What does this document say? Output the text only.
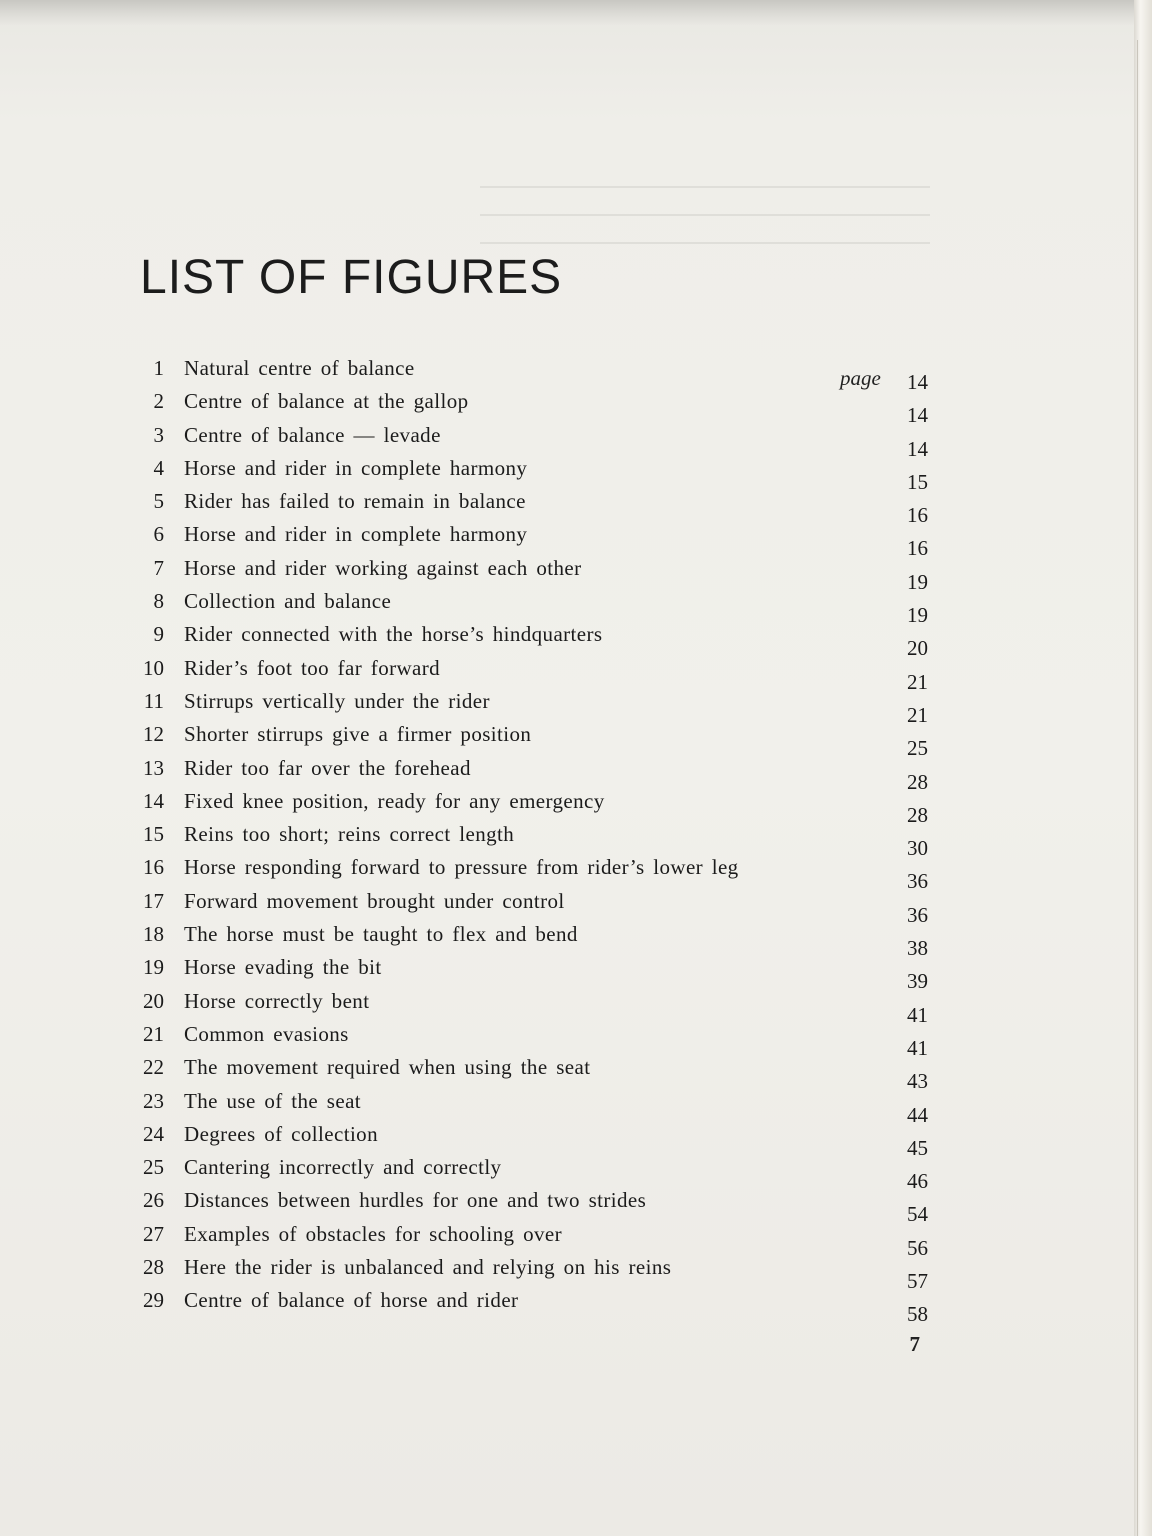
LIST OF FIGURES
page
1 Natural centre of balance
14
2 Centre of balance at the gallop
14
3 Centre of balance — levade
14
4 Horse and rider in complete harmony
15
5 Rider has failed to remain in balance
16
6 Horse and rider in complete harmony
16
7 Horse and rider working against each other
19
8 Collection and balance
19
9 Rider connected with the horse’s hindquarters
20
10 Rider’s foot too far forward
21
11 Stirrups vertically under the rider
21
12 Shorter stirrups give a firmer position
25
13 Rider too far over the forehead
28
14 Fixed knee position, ready for any emergency
28
15 Reins too short; reins correct length
30
16 Horse responding forward to pressure from rider’s lower leg
36
17 Forward movement brought under control
36
18 The horse must be taught to flex and bend
38
19 Horse evading the bit
39
20 Horse correctly bent
41
21 Common evasions
41
22 The movement required when using the seat
43
23 The use of the seat
44
24 Degrees of collection
45
25 Cantering incorrectly and correctly
46
26 Distances between hurdles for one and two strides
54
27 Examples of obstacles for schooling over
56
28 Here the rider is unbalanced and relying on his reins
57
29 Centre of balance of horse and rider
58
7
